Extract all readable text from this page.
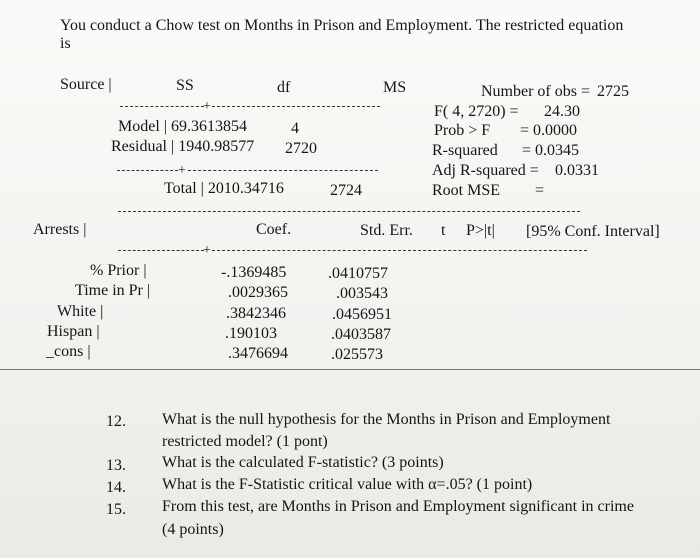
You conduct a Chow test on Months in Prison and Employment. The restricted equation
is
Source |	SS	df	MS	Number of obs = 2725
F( 4, 2720) = 24.30
Prob > F = 0.0000
R-squared = 0.0345
Adj R-squared = 0.0331
Root MSE =
+
Model | 69.3613854	4
Residual | 1940.98577 2720
+
Total | 2010.34716	2724
Arrests |	Coef.	Std. Err. t P>|t| [95% Conf. Interval]
+
% Prior |	-.1369485	.0410757
Time in Pr |	.0029365	.003543
White |	.3842346	.0456951
Hispan |	.190103	.0403587
_cons |	.3476694	.025573
12. What is the null hypothesis for the Months in Prison and Employment
restricted model? (1 pont)
13. What is the calculated F-statistic? (3 points)
14. What is the F-Statistic critical value with α=.05? (1 point)
15. From this test, are Months in Prison and Employment significant in crime
(4 points)
